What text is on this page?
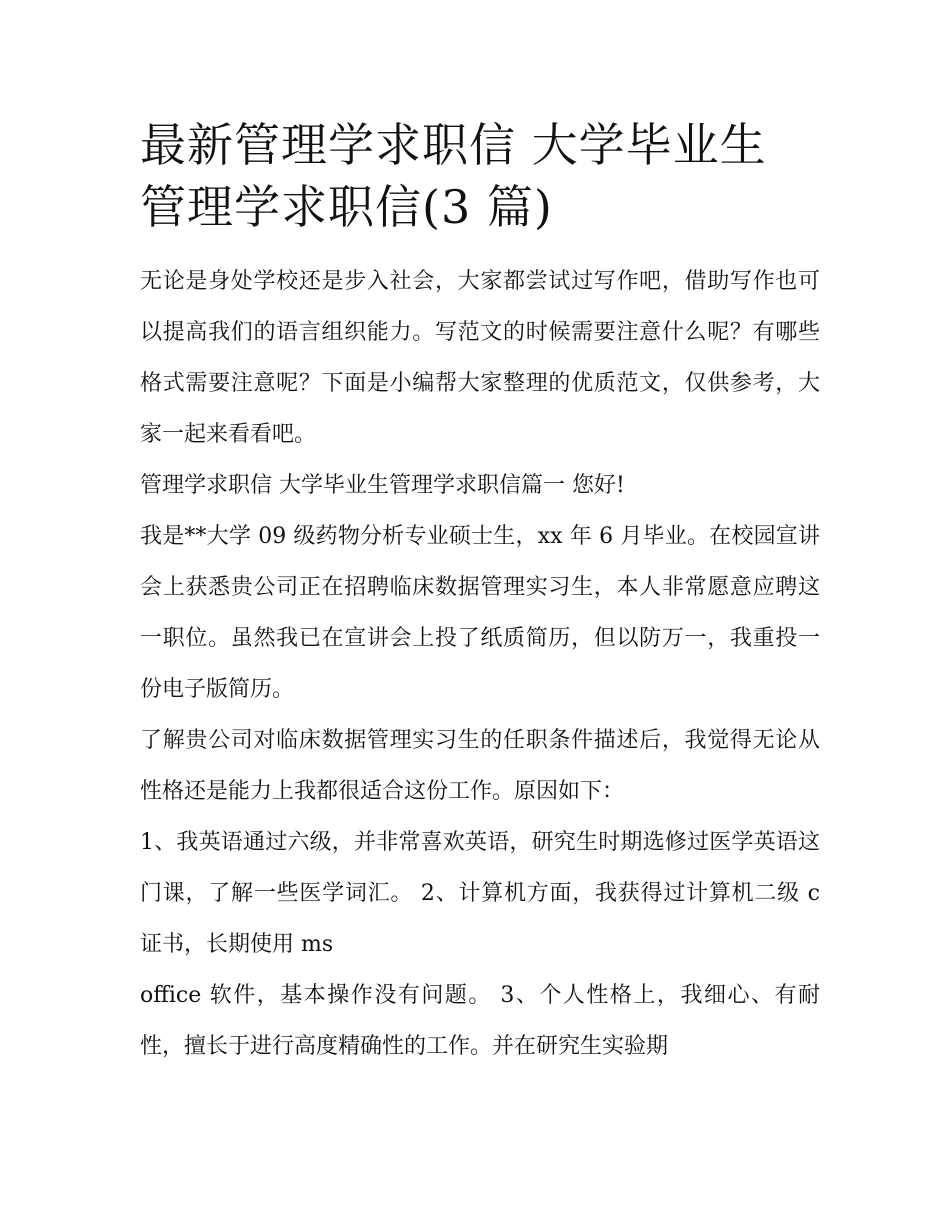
最新管理学求职信 大学毕业生
管理学求职信(3 篇)

无论是身处学校还是步入社会，大家都尝试过写作吧，借助写作也可以提高我们的语言组织能力。写范文的时候需要注意什么呢？有哪些格式需要注意呢？下面是小编帮大家整理的优质范文，仅供参考，大家一起来看看吧。

管理学求职信 大学毕业生管理学求职信篇一 您好!

我是**大学 09 级药物分析专业硕士生，xx 年 6 月毕业。在校园宣讲会上获悉贵公司正在招聘临床数据管理实习生，本人非常愿意应聘这一职位。虽然我已在宣讲会上投了纸质简历，但以防万一，我重投一份电子版简历。

了解贵公司对临床数据管理实习生的任职条件描述后，我觉得无论从性格还是能力上我都很适合这份工作。原因如下：

1、我英语通过六级，并非常喜欢英语，研究生时期选修过医学英语这门课，了解一些医学词汇。 2、计算机方面，我获得过计算机二级 c 证书，长期使用 ms

office 软件，基本操作没有问题。 3、个人性格上，我细心、有耐性，擅长于进行高度精确性的工作。并在研究生实验期
